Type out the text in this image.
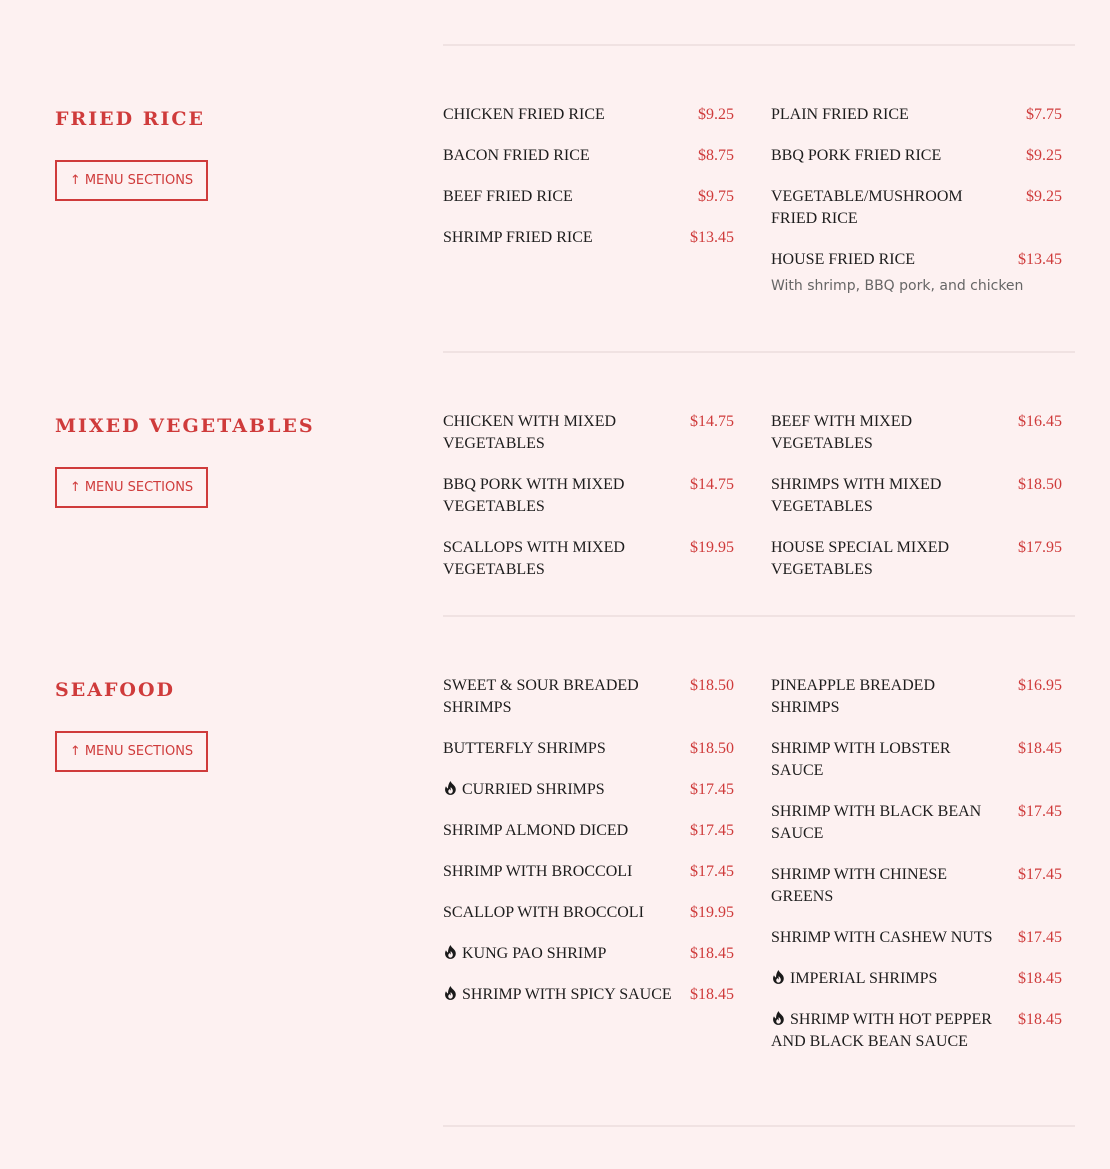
FRIED RICE
↑ MENU SECTIONS
CHICKEN FRIED RICE	$9.25
BACON FRIED RICE	$8.75
BEEF FRIED RICE	$9.75
SHRIMP FRIED RICE	$13.45
PLAIN FRIED RICE	$7.75
BBQ PORK FRIED RICE	$9.25
VEGETABLE/MUSHROOM FRIED RICE
$9.25
HOUSE FRIED RICE	$13.45
With shrimp, BBQ pork, and chicken
MIXED VEGETABLES
↑ MENU SECTIONS
CHICKEN WITH MIXED VEGETABLES
$14.75
BBQ PORK WITH MIXED VEGETABLES
$14.75
SCALLOPS WITH MIXED VEGETABLES
$19.95
BEEF WITH MIXED VEGETABLES
$16.45
SHRIMPS WITH MIXED VEGETABLES
$18.50
HOUSE SPECIAL MIXED VEGETABLES
$17.95
SEAFOOD
↑ MENU SECTIONS
SWEET & SOUR BREADED SHRIMPS
$18.50
BUTTERFLY SHRIMPS	$18.50
CURRIED SHRIMPS	$17.45
SHRIMP ALMOND DICED	$17.45
SHRIMP WITH BROCCOLI	$17.45
SCALLOP WITH BROCCOLI	$19.95
KUNG PAO SHRIMP	$18.45
SHRIMP WITH SPICY SAUCE	$18.45
PINEAPPLE BREADED SHRIMPS
$16.95
SHRIMP WITH LOBSTER SAUCE
$18.45
SHRIMP WITH BLACK BEAN SAUCE
$17.45
SHRIMP WITH CHINESE GREENS
$17.45
SHRIMP WITH CASHEW NUTS	$17.45
IMPERIAL SHRIMPS	$18.45
SHRIMP WITH HOT PEPPER AND BLACK BEAN SAUCE
$18.45
